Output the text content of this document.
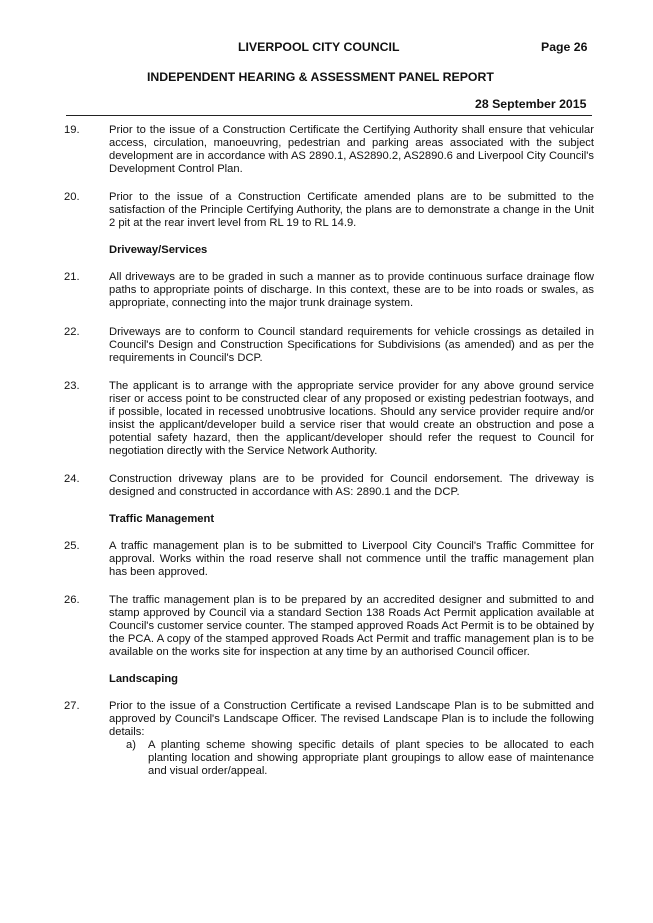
LIVERPOOL CITY COUNCIL	Page 26
INDEPENDENT HEARING & ASSESSMENT PANEL REPORT
28 September 2015
19.	Prior to the issue of a Construction Certificate the Certifying Authority shall ensure that vehicular access, circulation, manoeuvring, pedestrian and parking areas associated with the subject development are in accordance with AS 2890.1, AS2890.2, AS2890.6 and Liverpool City Council's Development Control Plan.
20.	Prior to the issue of a Construction Certificate amended plans are to be submitted to the satisfaction of the Principle Certifying Authority, the plans are to demonstrate a change in the Unit 2 pit at the rear invert level from RL 19 to RL 14.9.
Driveway/Services
21.	All driveways are to be graded in such a manner as to provide continuous surface drainage flow paths to appropriate points of discharge. In this context, these are to be into roads or swales, as appropriate, connecting into the major trunk drainage system.
22.	Driveways are to conform to Council standard requirements for vehicle crossings as detailed in Council's Design and Construction Specifications for Subdivisions (as amended) and as per the requirements in Council's DCP.
23.	The applicant is to arrange with the appropriate service provider for any above ground service riser or access point to be constructed clear of any proposed or existing pedestrian footways, and if possible, located in recessed unobtrusive locations. Should any service provider require and/or insist the applicant/developer build a service riser that would create an obstruction and pose a potential safety hazard, then the applicant/developer should refer the request to Council for negotiation directly with the Service Network Authority.
24.	Construction driveway plans are to be provided for Council endorsement. The driveway is designed and constructed in accordance with AS: 2890.1 and the DCP.
Traffic Management
25.	A traffic management plan is to be submitted to Liverpool City Council's Traffic Committee for approval. Works within the road reserve shall not commence until the traffic management plan has been approved.
26.	The traffic management plan is to be prepared by an accredited designer and submitted to and stamp approved by Council via a standard Section 138 Roads Act Permit application available at Council's customer service counter. The stamped approved Roads Act Permit is to be obtained by the PCA. A copy of the stamped approved Roads Act Permit and traffic management plan is to be available on the works site for inspection at any time by an authorised Council officer.
Landscaping
27.	Prior to the issue of a Construction Certificate a revised Landscape Plan is to be submitted and approved by Council's Landscape Officer. The revised Landscape Plan is to include the following details:
a)	A planting scheme showing specific details of plant species to be allocated to each planting location and showing appropriate plant groupings to allow ease of maintenance and visual order/appeal.
